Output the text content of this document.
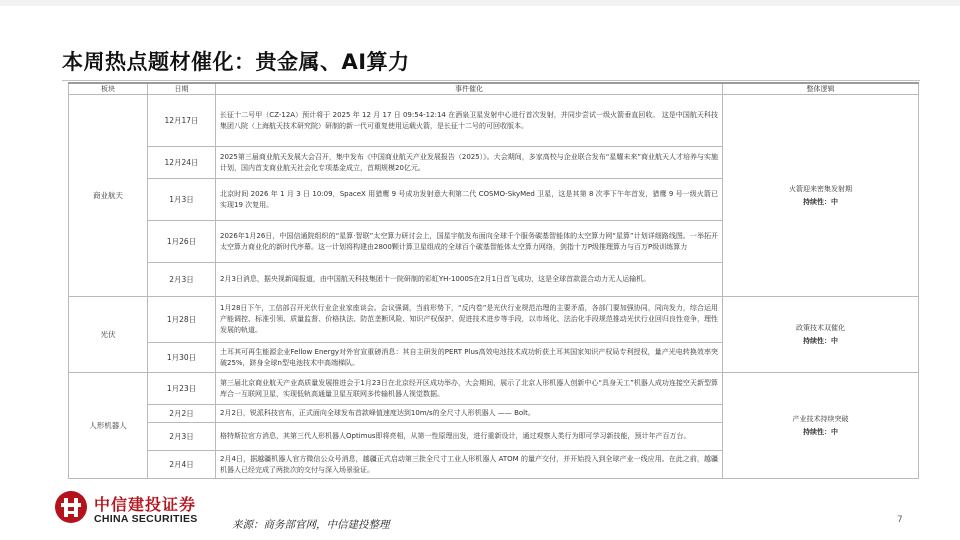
本周热点题材催化：贵金属、AI算力
板块	日期	事件催化	整体逻辑
商业航天	12月17日	长征十二号甲（CZ-12A）预计将于 2025 年 12 月 17 日 09:54-12:14 在酒泉卫星发射中心进行首次发射，并同步尝试一级火箭垂直回收。 这是中国航天科技集团八院（上海航天技术研究院）研制的新一代可重复使用运载火箭，是长征十二号的可回收版本。	火箭迎来密集发射期
持续性：中
	12月24日	2025第三届商业航天发展大会召开，集中发布《中国商业航天产业发展报告（2025）》。大会期间，多家高校与企业联合发布“星耀未来”商业航天人才培养与实施计划，国内首支商业航天社会化专项基金成立，首期规模20亿元。	
	1月3日	北京时间 2026 年 1 月 3 日 10:09，SpaceX 用猎鹰 9 号成功发射意大利第二代 COSMO-SkyMed 卫星，这是其第 8 次季下午年首发，猎鹰 9 号一级火箭已实现19 次复用。	
	1月26日	2026年1月26日，中国信通院组织的“星算·智联”太空算力研讨会上，国星宇航发布面向全球千个服务碳基智能体的太空算力网“星算”计划详细路线图。一举拓开太空算力商业化的新时代序幕。这一计划将构建由2800颗计算卫星组成的全球百个碳基智能体太空算力网络，剑指十万P级推理算力与百万P级训练算力	
	2月3日	2月3日消息，据央视新闻报道，由中国航天科技集团十一院研制的彩虹YH-1000S在2月1日首飞成功，这是全球首款混合动力无人运输机。	
光伏	1月28日	1月28日下午，工信部召开光伏行业企业家座谈会。会议强调，当前形势下，“反内卷”是光伏行业规范治理的主要矛盾，各部门要加强协同，同向发力，综合运用产能调控、标准引领、质量监督、价格执法、防范垄断风险、知识产权保护、促进技术进步等手段，以市场化、法治化手段规范推动光伏行业回归良性竞争，理性发展的轨道。	政策技术双催化
持续性：中
	1月30日	土耳其可再生能源企业Fellow Energy对外官宣重磅消息：其自主研发的PERT Plus高效电池技术成功斩获土耳其国家知识产权局专利授权，量产光电转换效率突破25%，跻身全球n型电池技术中高端梯队。	
人形机器人	1月23日	第三届北京商业航天产业高质量发展推进会于1月23日在北京经开区成功举办，大会期间，展示了北京人形机器人创新中心“具身天工”机器人成功连接空天新型算库合一互联网卫星，实现低轨高通量卫星互联网多传输机器人视觉数据。	产业技术持续突破
持续性：中
	2月2日	2月2日，锐派科技官布，正式面向全球发布首款峰值速度达到10m/s的全尺寸人形机器人 —— Bolt。	
	2月3日	格特斯拉官方消息，其第三代人形机器人Optimus即将亮相，从第一性原理出发，进行重新设计，通过观察人类行为即可学习新技能，预计年产百万台。	
	2月4日	2月4日，据越疆机器人官方微信公众号消息，越疆正式启动第三批全尺寸工业人形机器人 ATOM 的量产交付，并开始投入到全球产业一线应用。在此之前，越疆机器人已经完成了两批次的交付与深入场景验证。	
中信建投证券
CHINA SECURITIES	来源：商务部官网，中信建投整理	7
